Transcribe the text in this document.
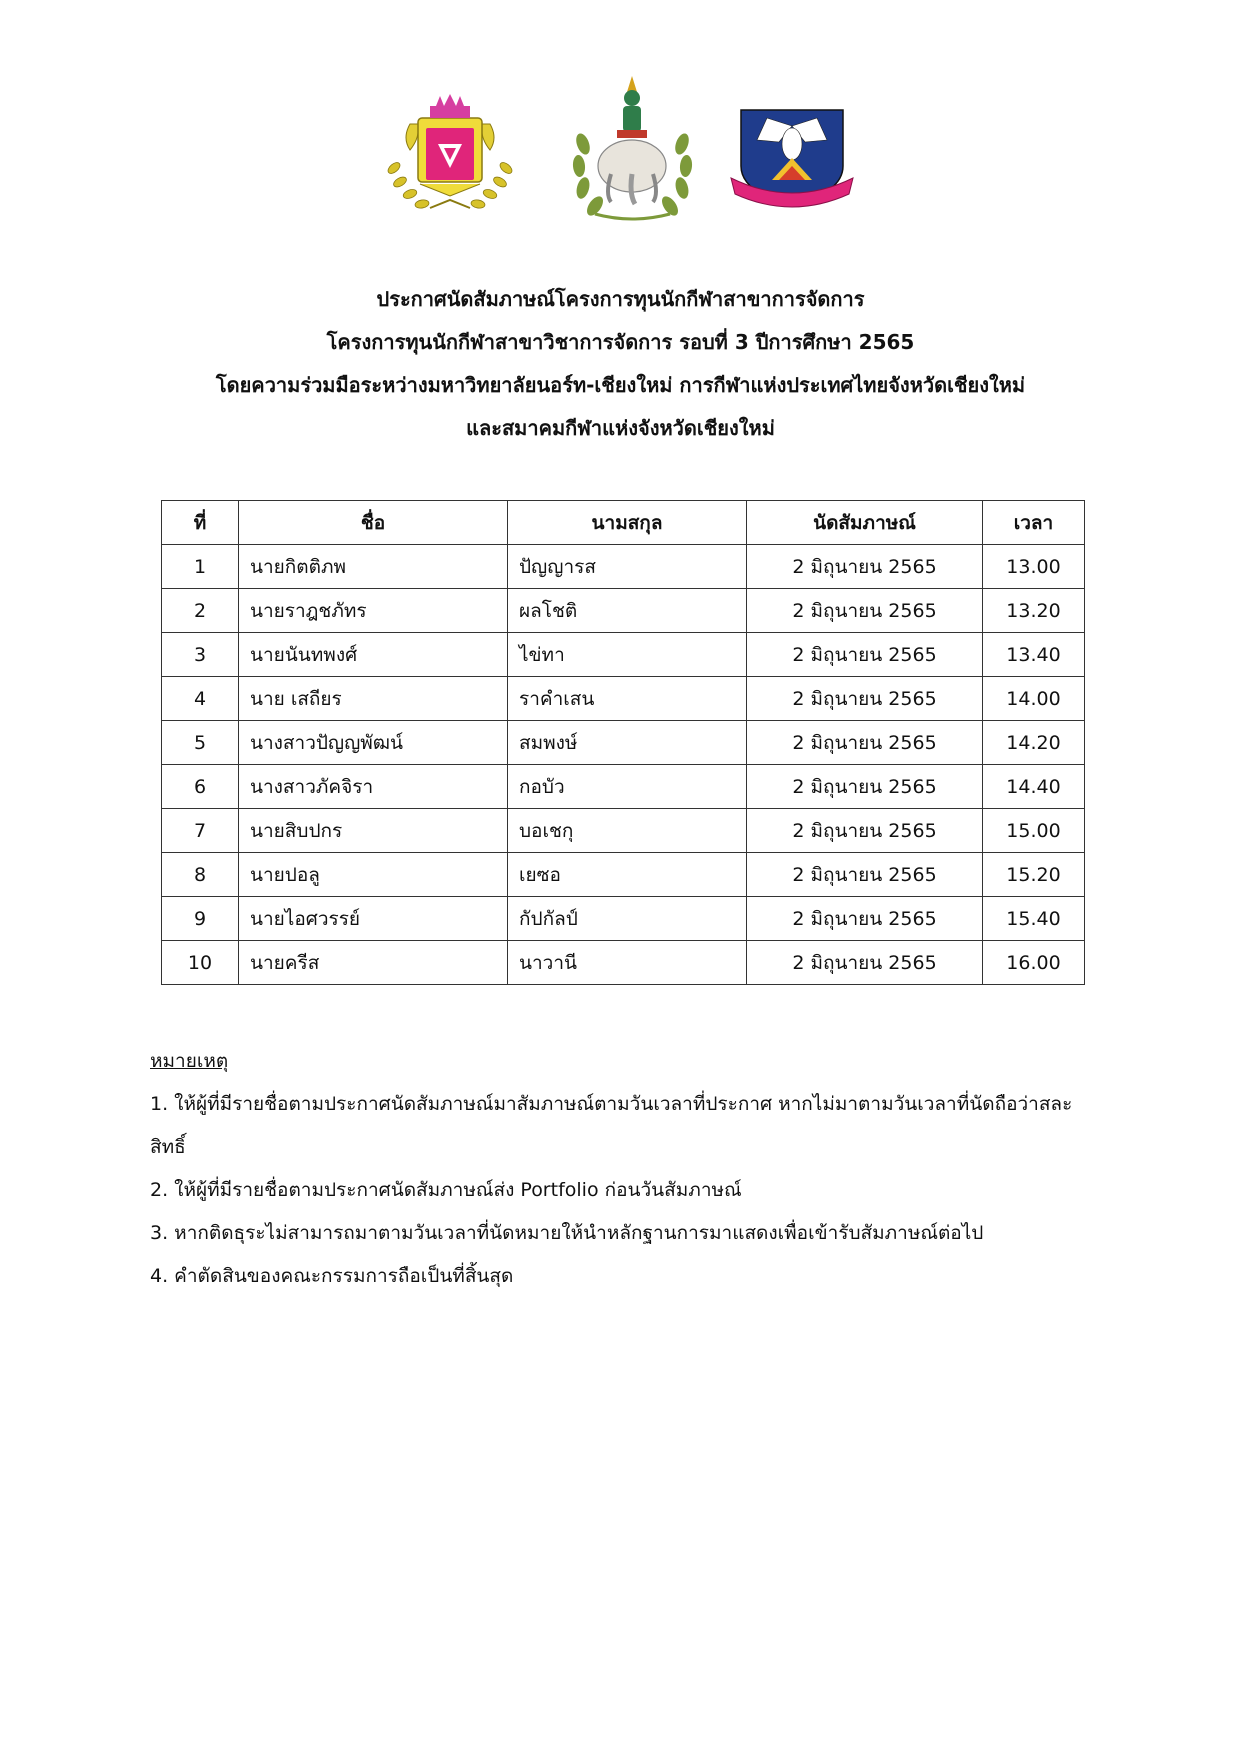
ประกาศนัดสัมภาษณ์โครงการทุนนักกีฬาสาขาการจัดการ
โครงการทุนนักกีฬาสาขาวิชาการจัดการ รอบที่ 3 ปีการศึกษา 2565
โดยความร่วมมือระหว่างมหาวิทยาลัยนอร์ท-เชียงใหม่ การกีฬาแห่งประเทศไทยจังหวัดเชียงใหม่
และสมาคมกีฬาแห่งจังหวัดเชียงใหม่
ที่	ชื่อ	นามสกุล	นัดสัมภาษณ์	เวลา
1	นายกิตติภพ	ปัญญารส	2 มิถุนายน 2565	13.00
2	นายราฎชภัทร	ผลโชติ	2 มิถุนายน 2565	13.20
3	นายนันทพงศ์	ไข่ทา	2 มิถุนายน 2565	13.40
4	นาย เสถียร	ราคำเสน	2 มิถุนายน 2565	14.00
5	นางสาวปัญญพัฒน์	สมพงษ์	2 มิถุนายน 2565	14.20
6	นางสาวภัคจิรา	กอบัว	2 มิถุนายน 2565	14.40
7	นายสิบปกร	บอเชกุ	2 มิถุนายน 2565	15.00
8	นายปอลู	เยซอ	2 มิถุนายน 2565	15.20
9	นายไอศวรรย์	กัปกัลป์	2 มิถุนายน 2565	15.40
10	นายครีส	นาวานี	2 มิถุนายน 2565	16.00
หมายเหตุ

1. ให้ผู้ที่มีรายชื่อตามประกาศนัดสัมภาษณ์มาสัมภาษณ์ตามวันเวลาที่ประกาศ หากไม่มาตามวันเวลาที่นัดถือว่าสละสิทธิ์

2. ให้ผู้ที่มีรายชื่อตามประกาศนัดสัมภาษณ์ส่ง Portfolio ก่อนวันสัมภาษณ์

3. หากติดธุระไม่สามารถมาตามวันเวลาที่นัดหมายให้นำหลักฐานการมาแสดงเพื่อเข้ารับสัมภาษณ์ต่อไป

4. คำตัดสินของคณะกรรมการถือเป็นที่สิ้นสุด
